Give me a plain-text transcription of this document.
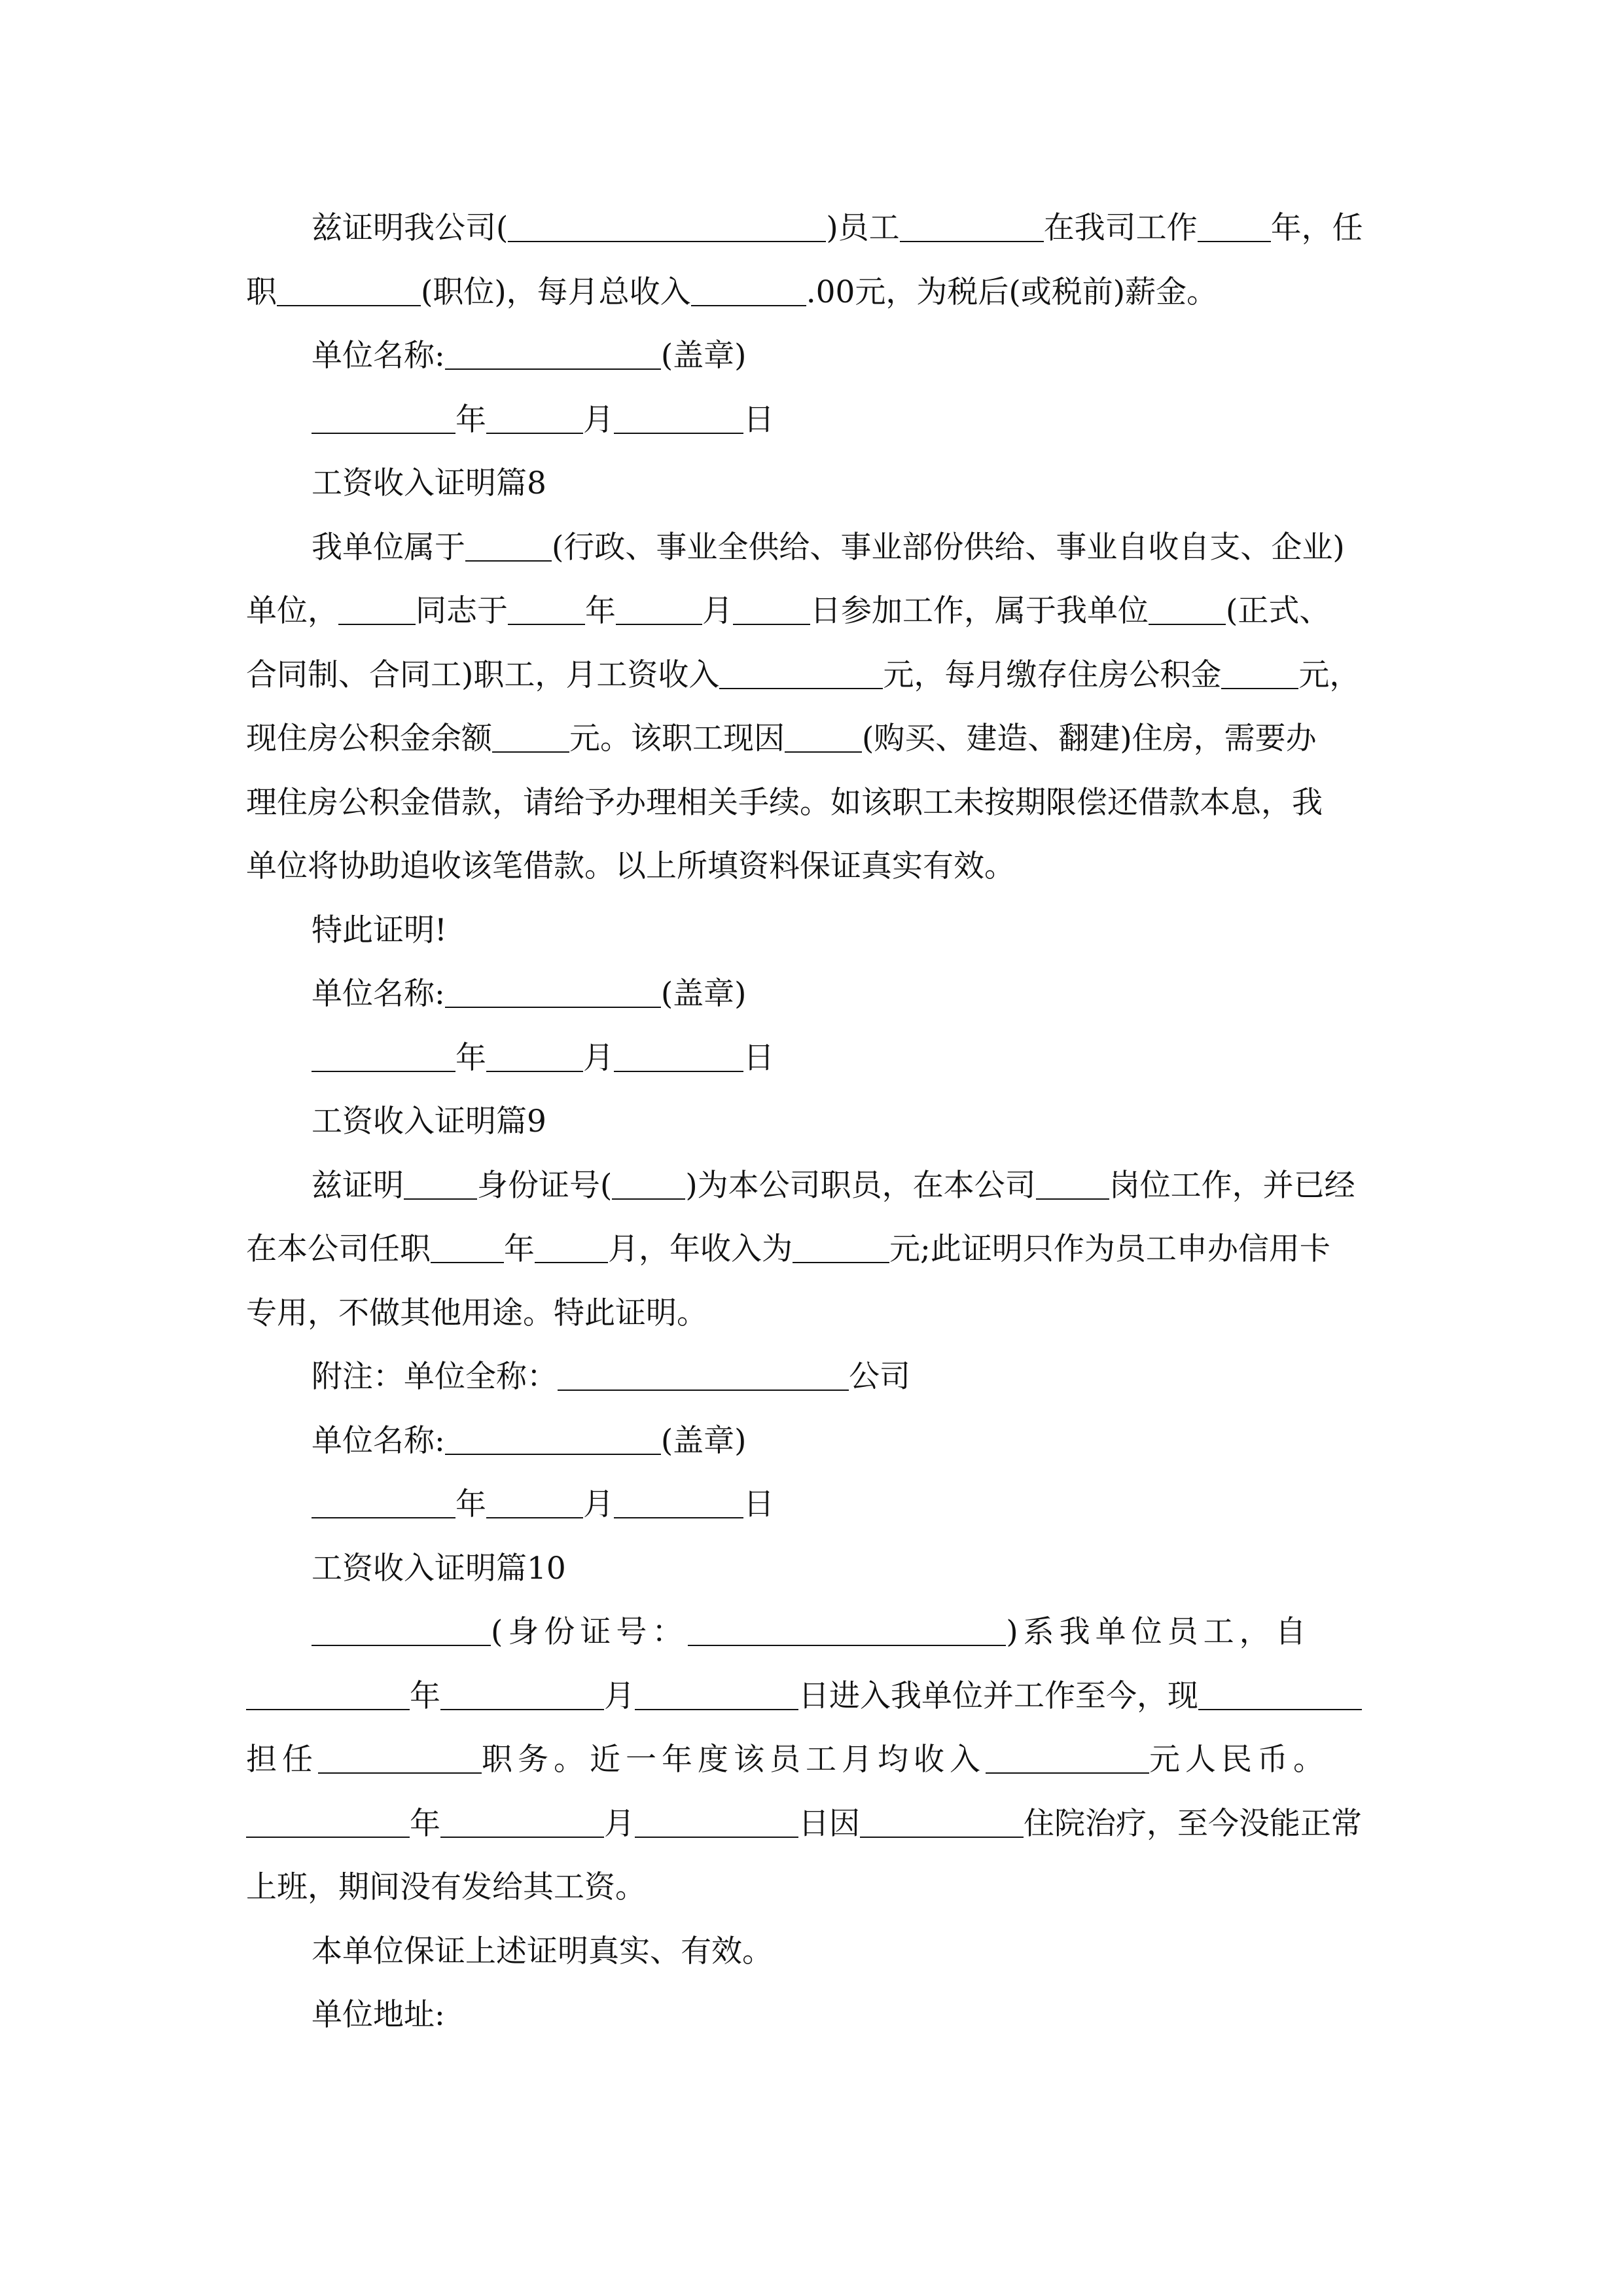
兹证明我公司(	)员工	在我司工作 年，任

职	(职位)，每月总收入	.00元，为税后(或税前)薪金。

单位名称:	(盖章)

年	月	日

工资收入证明篇8

我单位属于	(行政、事业全供给、事业部份供给、事业自收自支、企业)

单位，	同志于	年	月	日参加工作，属于我单位	(正式、

合同制、合同工)职工，月工资收入	元，每月缴存住房公积金	元，

现住房公积金余额	元。该职工现因	(购买、建造、翻建)住房，需要办

理住房公积金借款，请给予办理相关手续。如该职工未按期限偿还借款本息，我

单位将协助追收该笔借款。以上所填资料保证真实有效。

特此证明!

单位名称:	(盖章)

年	月	日

工资收入证明篇9

兹证明 身份证号( )为本公司职员，在本公司 岗位工作，并已经

在本公司任职 年 月，年收入为	元;此证明只作为员工申办信用卡

专用，不做其他用途。特此证明。

附注：单位全称：	公司

单位名称:	(盖章)

年	月	日

工资收入证明篇10

(身份证号：	)系我单位员工，自

年	月	日进入我单位并工作至今，现

担任	职务。近一年度该员工月均收入	元人民币。

年	月	日因	住院治疗，至今没能正常

上班，期间没有发给其工资。

本单位保证上述证明真实、有效。

单位地址:
